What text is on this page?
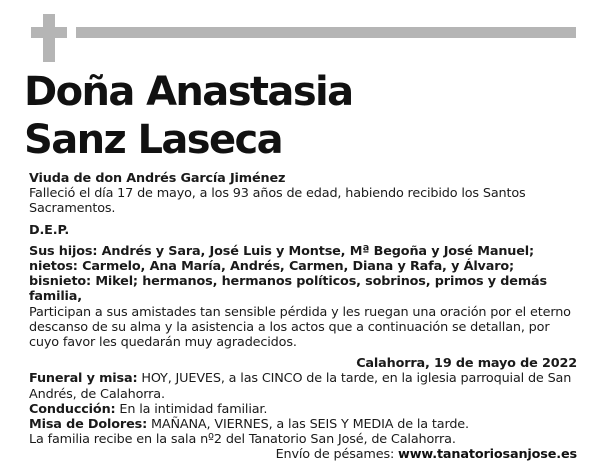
Doña Anastasia
Sanz Laseca

Viuda de don Andrés García Jiménez

Falleció el día 17 de mayo, a los 93 años de edad, habiendo recibido los Santos Sacramentos.

D.E.P.

Sus hijos: Andrés y Sara, José Luis y Montse, Mª Begoña y José Manuel; nietos: Carmelo, Ana María, Andrés, Carmen, Diana y Rafa, y Álvaro; bisnieto: Mikel; hermanos, hermanos políticos, sobrinos, primos y demás familia,

Participan a sus amistades tan sensible pérdida y les ruegan una oración por el eterno descanso de su alma y la asistencia a los actos que a continuación se detallan, por cuyo favor les quedarán muy agradecidos.

Calahorra, 19 de mayo de 2022

Funeral y misa: HOY, JUEVES, a las CINCO de la tarde, en la iglesia parroquial de San Andrés, de Calahorra.

Conducción: En la intimidad familiar.

Misa de Dolores: MAÑANA, VIERNES, a las SEIS Y MEDIA de la tarde.

La familia recibe en la sala nº2 del Tanatorio San José, de Calahorra.

Envío de pésames: www.tanatoriosanjose.es
